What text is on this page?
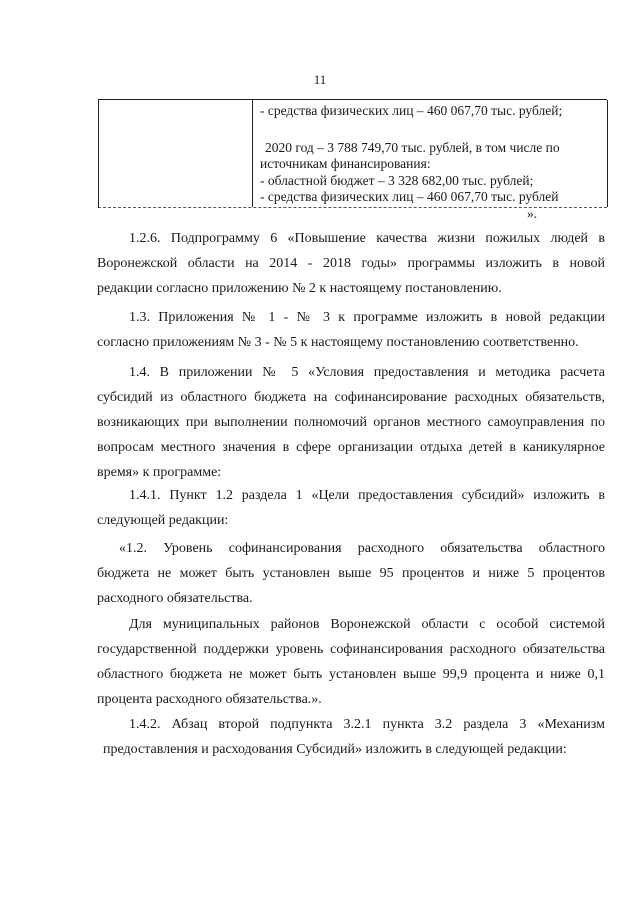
11
- средства физических лиц – 460 067,70 тыс. рублей;
2020 год – 3 788 749,70 тыс. рублей, в том числе по
источникам финансирования:
- областной бюджет – 3 328 682,00 тыс. рублей;
- средства физических лиц – 460 067,70 тыс. рублей
».
1.2.6. Подпрограмму 6 «Повышение качества жизни пожилых людей в
Воронежской области на 2014 - 2018 годы» программы изложить в новой
редакции согласно приложению № 2 к настоящему постановлению.
1.3. Приложения № 1 - № 3 к программе изложить в новой редакции
согласно приложениям № 3 - № 5 к настоящему постановлению соответственно.
1.4. В приложении № 5 «Условия предоставления и методика расчета
субсидий из областного бюджета на софинансирование расходных обязательств,
возникающих при выполнении полномочий органов местного самоуправления по
вопросам местного значения в сфере организации отдыха детей в каникулярное
время» к программе:
1.4.1. Пункт 1.2 раздела 1 «Цели предоставления субсидий» изложить в
следующей редакции:
«1.2. Уровень софинансирования расходного обязательства областного
бюджета не может быть установлен выше 95 процентов и ниже 5 процентов
расходного обязательства.
Для муниципальных районов Воронежской области с особой системой
государственной поддержки уровень софинансирования расходного обязательства
областного бюджета не может быть установлен выше 99,9 процента и ниже 0,1
процента расходного обязательства.».
1.4.2. Абзац второй подпункта 3.2.1 пункта 3.2 раздела 3 «Механизм
предоставления и расходования Субсидий» изложить в следующей редакции:
